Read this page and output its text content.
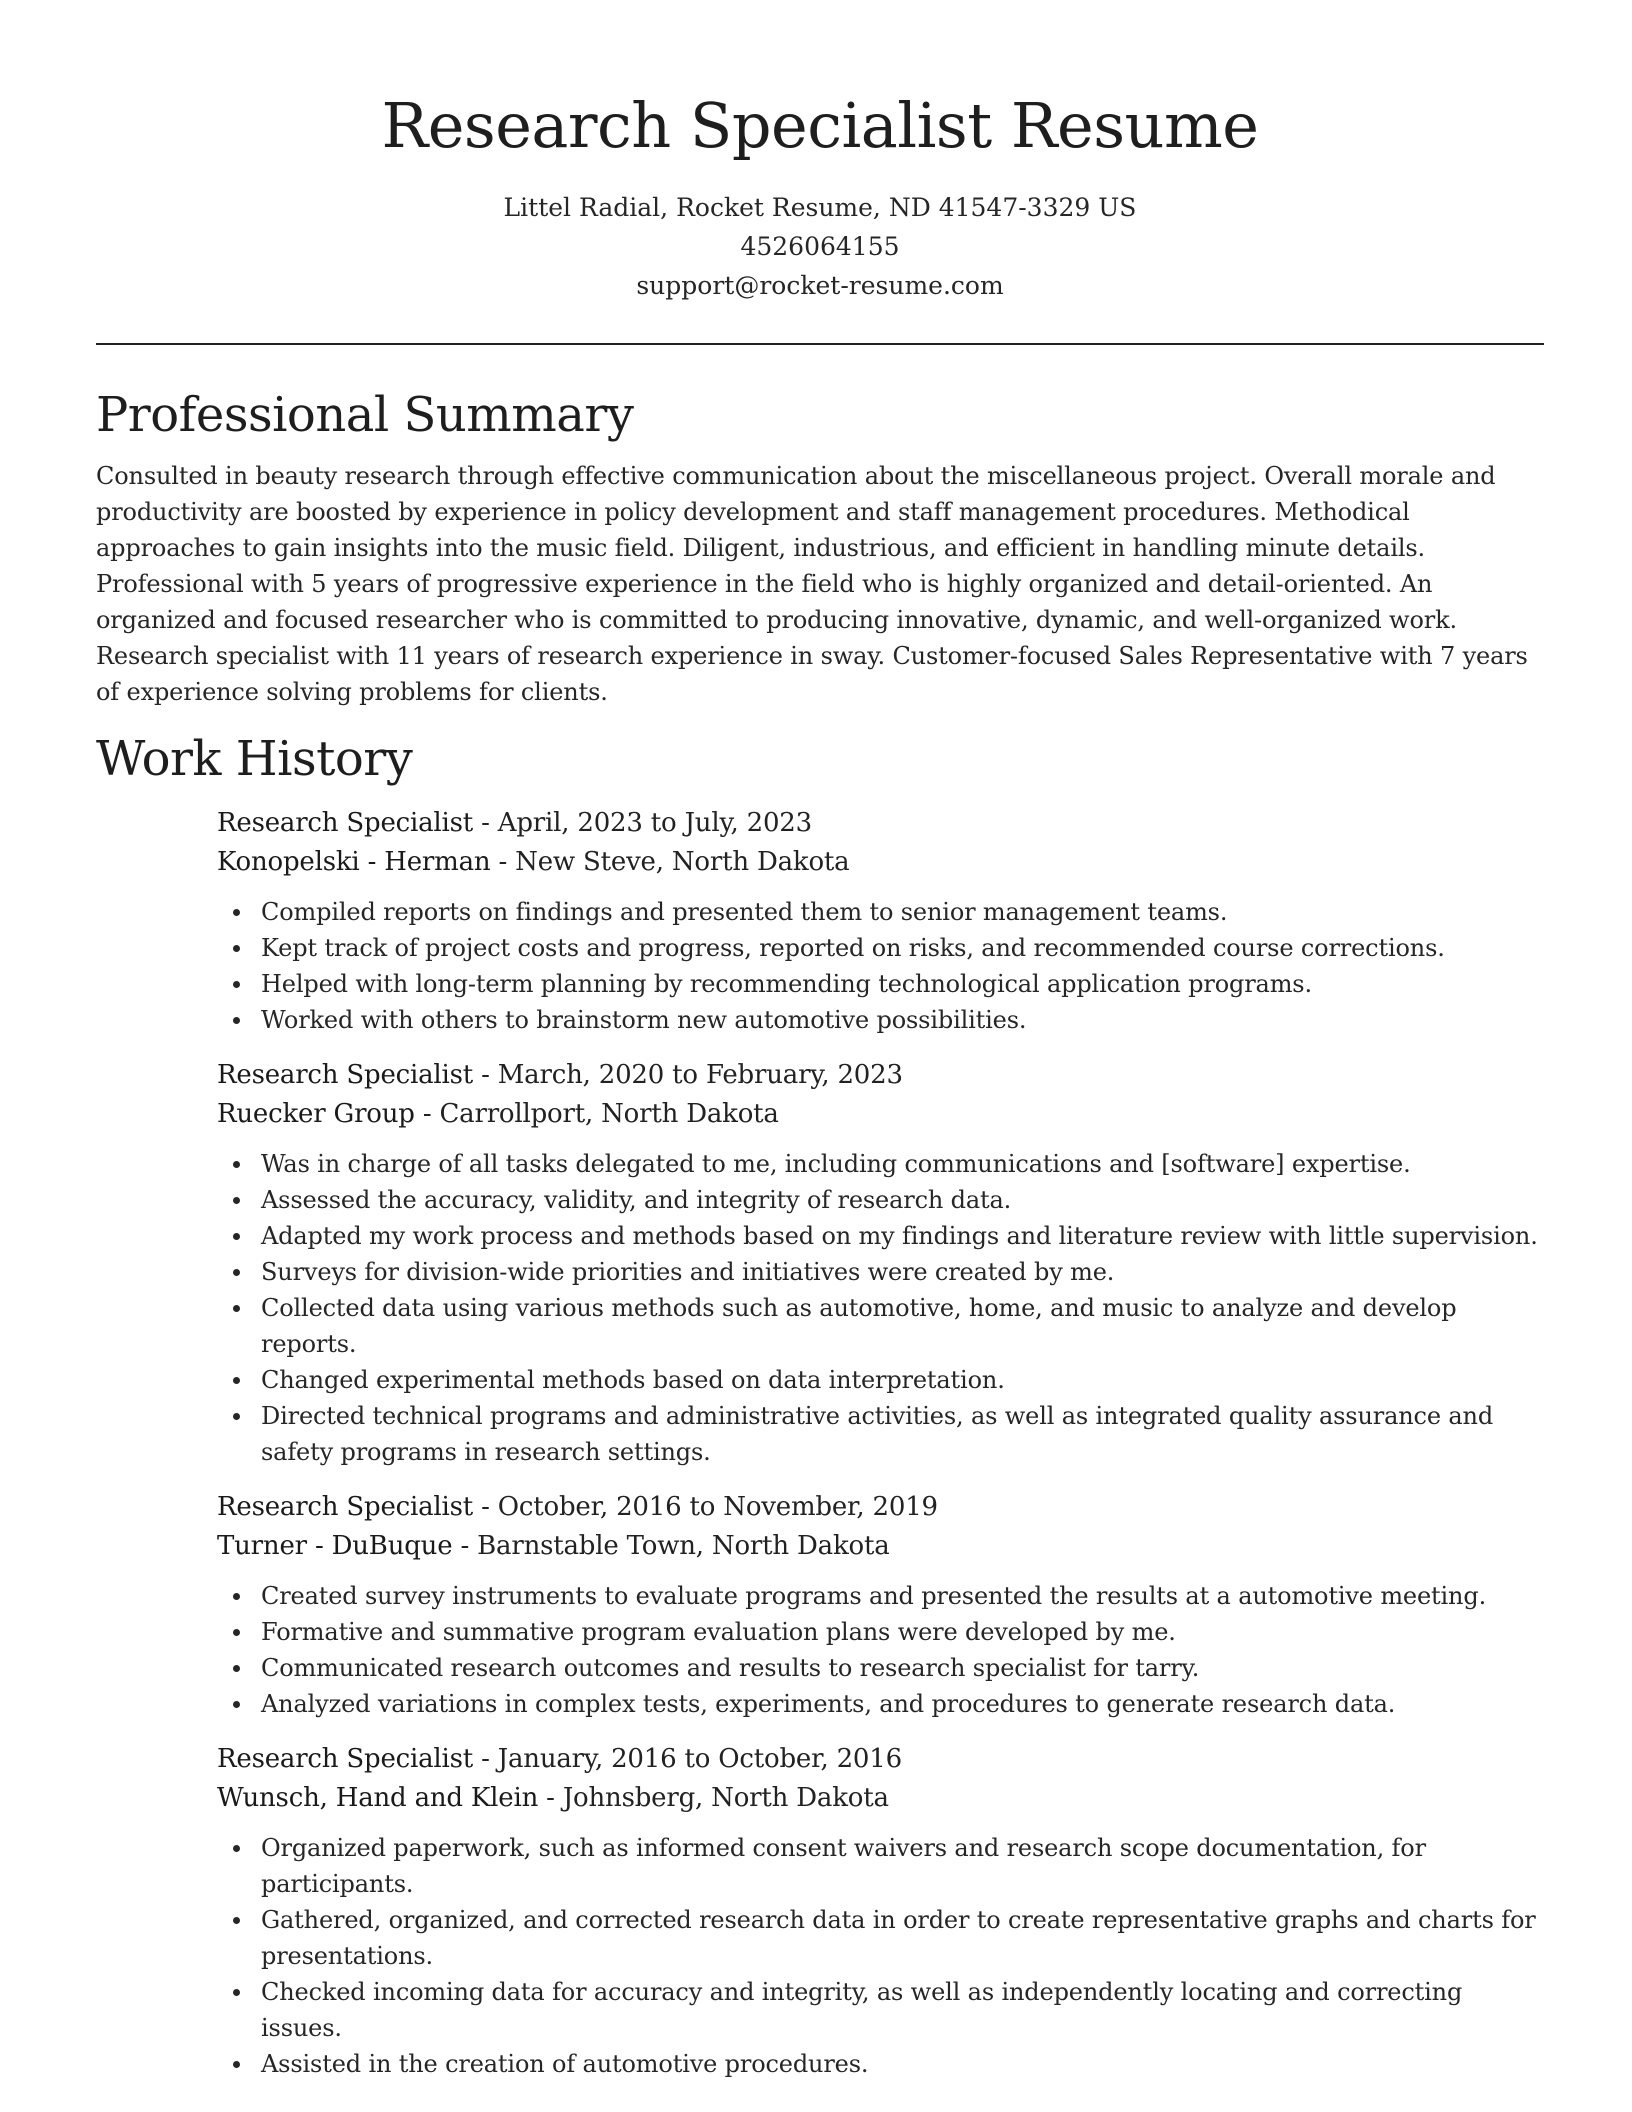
Research Specialist Resume
Littel Radial, Rocket Resume, ND 41547-3329 US
4526064155
support@rocket-resume.com
Professional Summary

Consulted in beauty research through effective communication about the miscellaneous project. Overall morale and productivity are boosted by experience in policy development and staff management procedures. Methodical approaches to gain insights into the music field. Diligent, industrious, and efficient in handling minute details. Professional with 5 years of progressive experience in the field who is highly organized and detail-oriented. An organized and focused researcher who is committed to producing innovative, dynamic, and well-organized work. Research specialist with 11 years of research experience in sway. Customer-focused Sales Representative with 7 years of experience solving problems for clients.

Work History
Research Specialist - April, 2023 to July, 2023
Konopelski - Herman - New Steve, North Dakota
Compiled reports on findings and presented them to senior management teams.
Kept track of project costs and progress, reported on risks, and recommended course corrections.
Helped with long-term planning by recommending technological application programs.
Worked with others to brainstorm new automotive possibilities.
Research Specialist - March, 2020 to February, 2023
Ruecker Group - Carrollport, North Dakota
Was in charge of all tasks delegated to me, including communications and [software] expertise.
Assessed the accuracy, validity, and integrity of research data.
Adapted my work process and methods based on my findings and literature review with little supervision.
Surveys for division-wide priorities and initiatives were created by me.
Collected data using various methods such as automotive, home, and music to analyze and develop reports.
Changed experimental methods based on data interpretation.
Directed technical programs and administrative activities, as well as integrated quality assurance and safety programs in research settings.
Research Specialist - October, 2016 to November, 2019
Turner - DuBuque - Barnstable Town, North Dakota
Created survey instruments to evaluate programs and presented the results at a automotive meeting.
Formative and summative program evaluation plans were developed by me.
Communicated research outcomes and results to research specialist for tarry.
Analyzed variations in complex tests, experiments, and procedures to generate research data.
Research Specialist - January, 2016 to October, 2016
Wunsch, Hand and Klein - Johnsberg, North Dakota
Organized paperwork, such as informed consent waivers and research scope documentation, for participants.
Gathered, organized, and corrected research data in order to create representative graphs and charts for presentations.
Checked incoming data for accuracy and integrity, as well as independently locating and correcting issues.
Assisted in the creation of automotive procedures.
